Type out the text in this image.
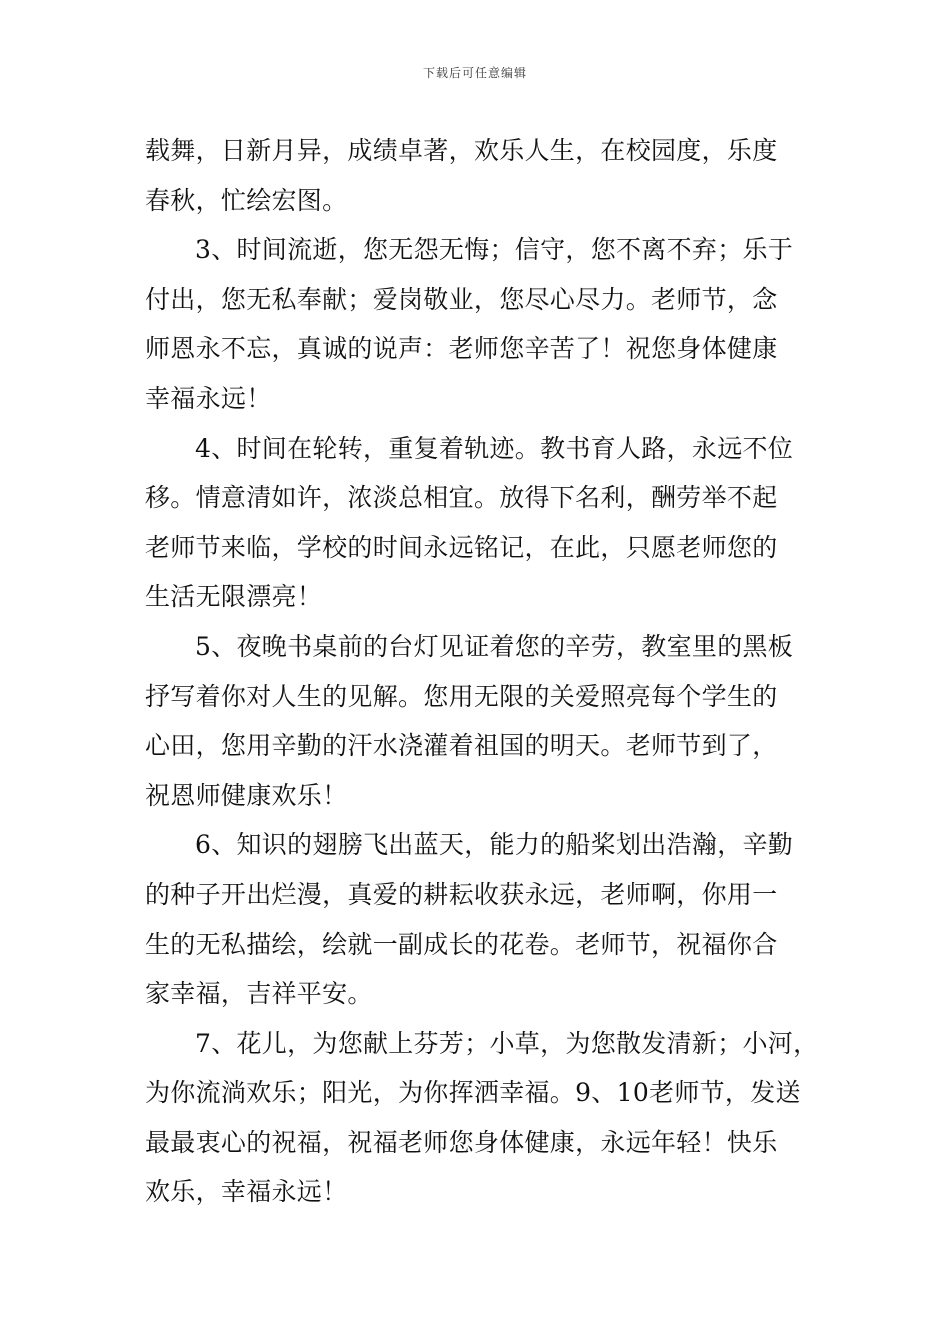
下载后可任意编辑
载舞，日新月异，成绩卓著，欢乐人生，在校园度，乐度
春秋，忙绘宏图。
3、时间流逝，您无怨无悔；信守，您不离不弃；乐于
付出，您无私奉献；爱岗敬业，您尽心尽力。老师节，念
师恩永不忘，真诚的说声：老师您辛苦了！祝您身体健康
幸福永远！
4、时间在轮转，重复着轨迹。教书育人路，永远不位
移。情意清如许，浓淡总相宜。放得下名利，酬劳举不起
老师节来临，学校的时间永远铭记，在此，只愿老师您的
生活无限漂亮！
5、夜晚书桌前的台灯见证着您的辛劳，教室里的黑板
抒写着你对人生的见解。您用无限的关爱照亮每个学生的
心田，您用辛勤的汗水浇灌着祖国的明天。老师节到了，
祝恩师健康欢乐！
6、知识的翅膀飞出蓝天，能力的船桨划出浩瀚，辛勤
的种子开出烂漫，真爱的耕耘收获永远，老师啊，你用一
生的无私描绘，绘就一副成长的花卷。老师节，祝福你合
家幸福，吉祥平安。
7、花儿，为您献上芬芳；小草，为您散发清新；小河，
为你流淌欢乐；阳光，为你挥洒幸福。9、10老师节，发送
最最衷心的祝福，祝福老师您身体健康，永远年轻！快乐
欢乐，幸福永远！
